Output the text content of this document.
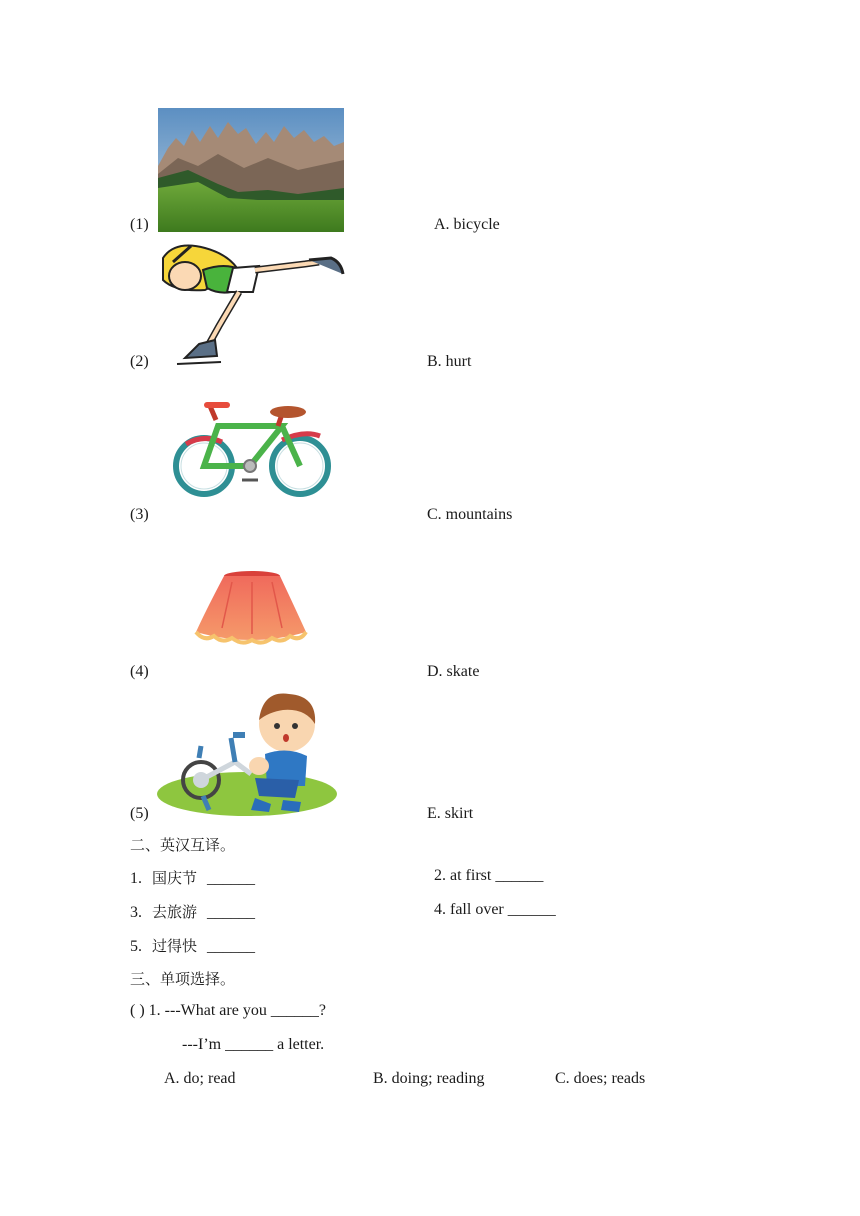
(1)	A. bicycle
(2)	B. hurt
(3)	C. mountains
(4)	D. skate
(5)	E. skirt
二、英汉互译。
1. 国庆节 ______	2. at first ______
3. 去旅游 ______	4. fall over ______
5. 过得快 ______
三、单项选择。
( ) 1. ---What are you ______?
---I’m ______ a letter.
A. do; read	B. doing; reading	C. does; reads
